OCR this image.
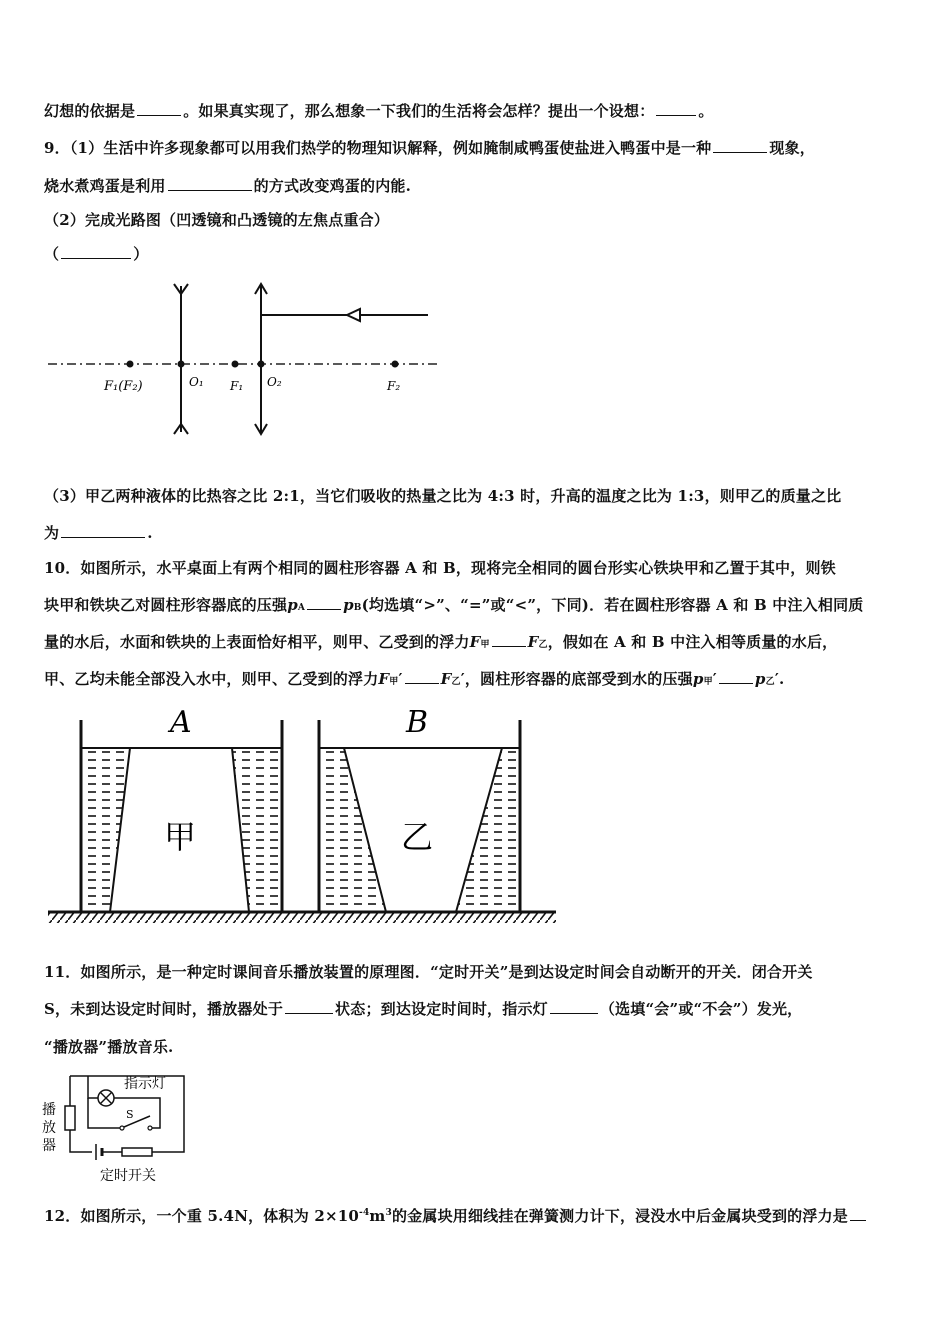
幻想的依据是	。如果真实现了，那么想象一下我们的生活将会怎样？提出一个设想：	。
9．（1）生活中许多现象都可以用我们热学的物理知识解释，例如腌制咸鸭蛋使盐进入鸭蛋中是一种	现象，
烧水煮鸡蛋是利用	的方式改变鸡蛋的内能.
（2）完成光路图（凹透镜和凸透镜的左焦点重合）
（	）
F₁(F₂)	O₁ F₁ O₂	F₂
（3）甲乙两种液体的比热容之比 2:1，当它们吸收的热量之比为 4:3 时，升高的温度之比为 1:3，则甲乙的质量之比
为	.
10．如图所示，水平桌面上有两个相同的圆柱形容器 A 和 B，现将完全相同的圆台形实心铁块甲和乙置于其中，则铁
块甲和铁块乙对圆柱形容器底的压强pA	pB(均选填“>”、“=”或“<”，下同)．若在圆柱形容器 A 和 B 中注入相同质
量的水后，水面和铁块的上表面恰好相平，则甲、乙受到的浮力F甲	F乙，假如在 A 和 B 中注入相等质量的水后，
甲、乙均未能全部没入水中，则甲、乙受到的浮力F甲′	F乙′，圆柱形容器的底部受到水的压强p甲′	p乙′.
A
甲
B
乙
11．如图所示，是一种定时课间音乐播放装置的原理图．“定时开关”是到达设定时间会自动断开的开关．闭合开关
S，未到达设定时间时，播放器处于	状态；到达设定时间时，指示灯	（选填“会”或“不会”）发光，
“播放器”播放音乐.
指示灯
S
播
放
器
定时开关
12．如图所示，一个重 5.4N，体积为 $2\times 10^{-4}m^3$的金属块用细线挂在弹簧测力计下，浸没水中后金属块受到的浮力是
